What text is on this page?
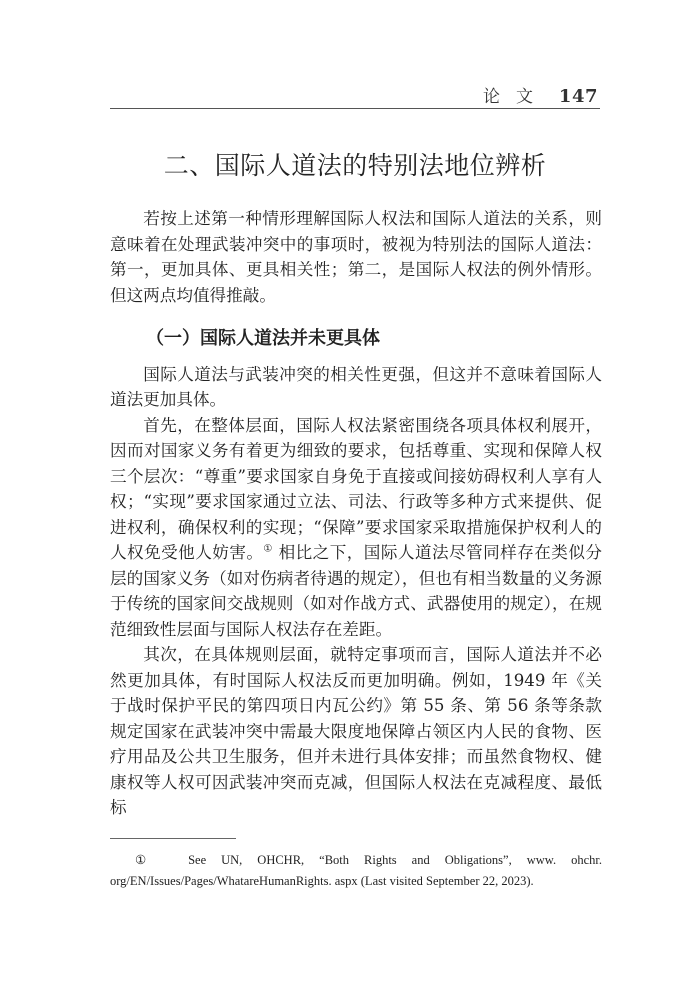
论文 147
二、国际人道法的特别法地位辨析

若按上述第一种情形理解国际人权法和国际人道法的关系，则意味着在处理武装冲突中的事项时，被视为特别法的国际人道法：第一，更加具体、更具相关性；第二，是国际人权法的例外情形。但这两点均值得推敲。

（一）国际人道法并未更具体

国际人道法与武装冲突的相关性更强，但这并不意味着国际人道法更加具体。

首先，在整体层面，国际人权法紧密围绕各项具体权利展开，因而对国家义务有着更为细致的要求，包括尊重、实现和保障人权三个层次：“尊重”要求国家自身免于直接或间接妨碍权利人享有人权；“实现”要求国家通过立法、司法、行政等多种方式来提供、促进权利，确保权利的实现；“保障”要求国家采取措施保护权利人的人权免受他人妨害。① 相比之下，国际人道法尽管同样存在类似分层的国家义务（如对伤病者待遇的规定），但也有相当数量的义务源于传统的国家间交战规则（如对作战方式、武器使用的规定），在规范细致性层面与国际人权法存在差距。

其次，在具体规则层面，就特定事项而言，国际人道法并不必然更加具体，有时国际人权法反而更加明确。例如，1949 年《关于战时保护平民的第四项日内瓦公约》第 55 条、第 56 条等条款规定国家在武装冲突中需最大限度地保障占领区内人民的食物、医疗用品及公共卫生服务，但并未进行具体安排；而虽然食物权、健康权等人权可因武装冲突而克减，但国际人权法在克减程度、最低标

① See UN, OHCHR, “Both Rights and Obligations”, www. ohchr. org/EN/Issues/Pages/WhatareHumanRights. aspx (Last visited September 22, 2023).
